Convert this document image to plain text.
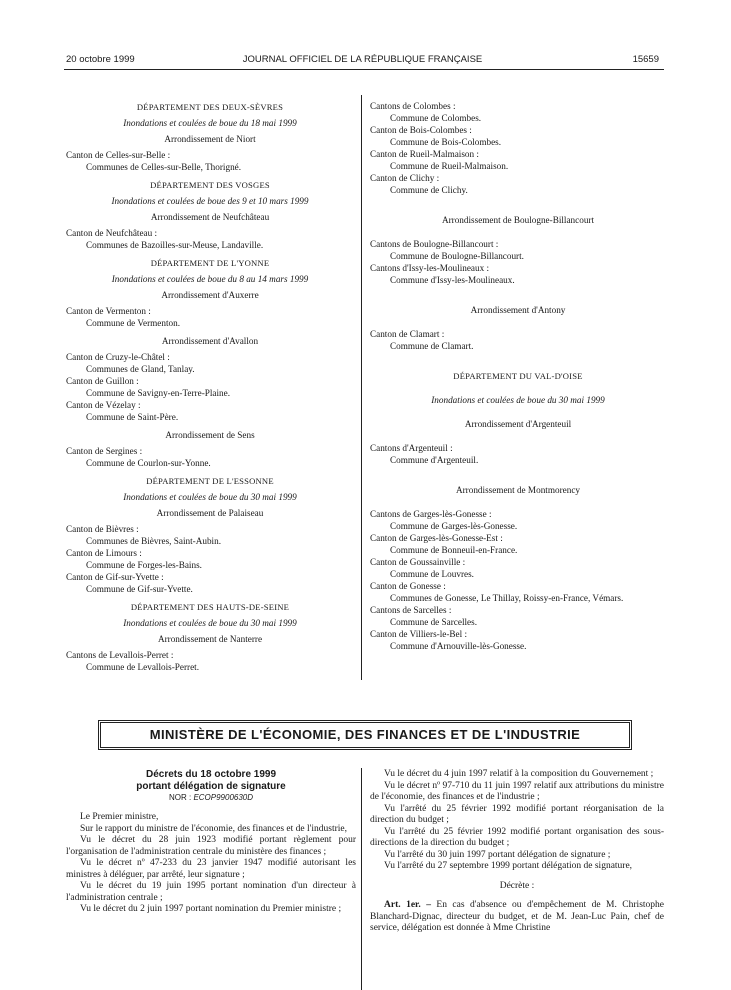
20 octobre 1999	JOURNAL OFFICIEL DE LA RÉPUBLIQUE FRANÇAISE	15659
DÉPARTEMENT DES DEUX-SÈVRES
Inondations et coulées de boue du 18 mai 1999
Arrondissement de Niort
Canton de Celles-sur-Belle :
Communes de Celles-sur-Belle, Thorigné.
DÉPARTEMENT DES VOSGES
Inondations et coulées de boue des 9 et 10 mars 1999
Arrondissement de Neufchâteau
Canton de Neufchâteau :
Communes de Bazoilles-sur-Meuse, Landaville.
DÉPARTEMENT DE L'YONNE
Inondations et coulées de boue du 8 au 14 mars 1999
Arrondissement d'Auxerre
Canton de Vermenton :
Commune de Vermenton.
Arrondissement d'Avallon
Canton de Cruzy-le-Châtel :
Communes de Gland, Tanlay.
Canton de Guillon :
Commune de Savigny-en-Terre-Plaine.
Canton de Vézelay :
Commune de Saint-Père.
Arrondissement de Sens
Canton de Sergines :
Commune de Courlon-sur-Yonne.
DÉPARTEMENT DE L'ESSONNE
Inondations et coulées de boue du 30 mai 1999
Arrondissement de Palaiseau
Canton de Bièvres :
Communes de Bièvres, Saint-Aubin.
Canton de Limours :
Commune de Forges-les-Bains.
Canton de Gif-sur-Yvette :
Commune de Gif-sur-Yvette.
DÉPARTEMENT DES HAUTS-DE-SEINE
Inondations et coulées de boue du 30 mai 1999
Arrondissement de Nanterre
Cantons de Levallois-Perret :
Commune de Levallois-Perret.
Cantons de Colombes :
Commune de Colombes.
Canton de Bois-Colombes :
Commune de Bois-Colombes.
Canton de Rueil-Malmaison :
Commune de Rueil-Malmaison.
Canton de Clichy :
Commune de Clichy.
Arrondissement de Boulogne-Billancourt
Cantons de Boulogne-Billancourt :
Commune de Boulogne-Billancourt.
Cantons d'Issy-les-Moulineaux :
Commune d'Issy-les-Moulineaux.
Arrondissement d'Antony
Canton de Clamart :
Commune de Clamart.
DÉPARTEMENT DU VAL-D'OISE
Inondations et coulées de boue du 30 mai 1999
Arrondissement d'Argenteuil
Cantons d'Argenteuil :
Commune d'Argenteuil.
Arrondissement de Montmorency
Cantons de Garges-lès-Gonesse :
Commune de Garges-lès-Gonesse.
Canton de Garges-lès-Gonesse-Est :
Commune de Bonneuil-en-France.
Canton de Goussainville :
Commune de Louvres.
Canton de Gonesse :
Communes de Gonesse, Le Thillay, Roissy-en-France, Vémars.
Cantons de Sarcelles :
Commune de Sarcelles.
Canton de Villiers-le-Bel :
Commune d'Arnouville-lès-Gonesse.
MINISTÈRE DE L'ÉCONOMIE, DES FINANCES ET DE L'INDUSTRIE
Décrets du 18 octobre 1999
portant délégation de signature
NOR : ECOP9900630D
Le Premier ministre,
Sur le rapport du ministre de l'économie, des finances et de l'industrie,
Vu le décret du 28 juin 1923 modifié portant règlement pour l'organisation de l'administration centrale du ministère des finances ;
Vu le décret nº 47-233 du 23 janvier 1947 modifié autorisant les ministres à déléguer, par arrêté, leur signature ;
Vu le décret du 19 juin 1995 portant nomination d'un directeur à l'administration centrale ;
Vu le décret du 2 juin 1997 portant nomination du Premier ministre ;
Vu le décret du 4 juin 1997 relatif à la composition du Gouvernement ;
Vu le décret nº 97-710 du 11 juin 1997 relatif aux attributions du ministre de l'économie, des finances et de l'industrie ;
Vu l'arrêté du 25 février 1992 modifié portant réorganisation de la direction du budget ;
Vu l'arrêté du 25 février 1992 modifié portant organisation des sous-directions de la direction du budget ;
Vu l'arrêté du 30 juin 1997 portant délégation de signature ;
Vu l'arrêté du 27 septembre 1999 portant délégation de signature,
Décrète :
Art. 1er. – En cas d'absence ou d'empêchement de M. Christophe Blanchard-Dignac, directeur du budget, et de M. Jean-Luc Pain, chef de service, délégation est donnée à Mme Christine
